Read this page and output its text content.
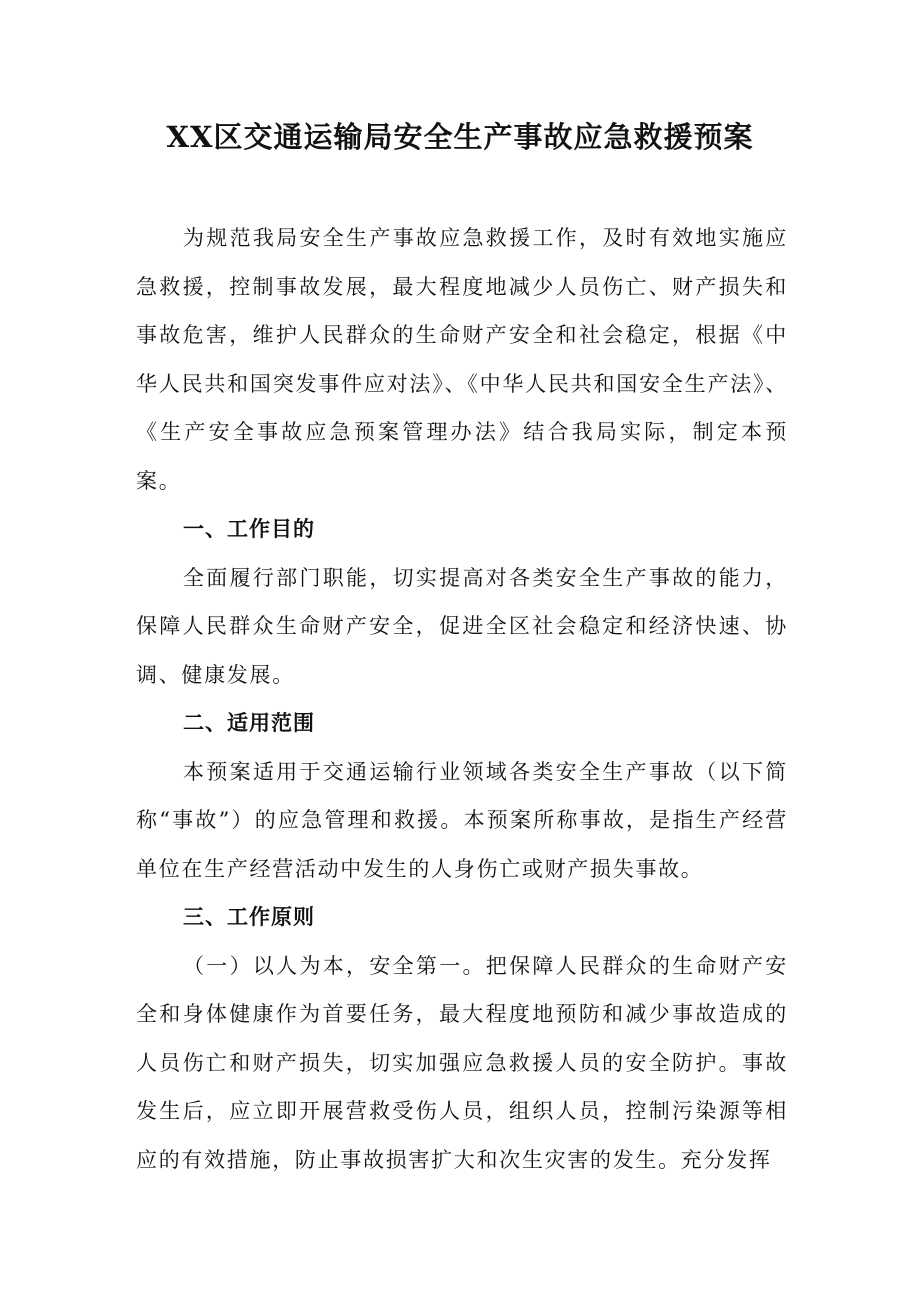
XX区交通运输局安全生产事故应急救援预案

为规范我局安全生产事故应急救援工作，及时有效地实施应急救援，控制事故发展，最大程度地减少人员伤亡、财产损失和事故危害，维护人民群众的生命财产安全和社会稳定，根据《中华人民共和国突发事件应对法》、《中华人民共和国安全生产法》、《生产安全事故应急预案管理办法》结合我局实际，制定本预案。

一、工作目的

全面履行部门职能，切实提高对各类安全生产事故的能力，保障人民群众生命财产安全，促进全区社会稳定和经济快速、协调、健康发展。

二、适用范围

本预案适用于交通运输行业领域各类安全生产事故（以下简称“事故”）的应急管理和救援。本预案所称事故，是指生产经营单位在生产经营活动中发生的人身伤亡或财产损失事故。

三、工作原则

（一）以人为本，安全第一。把保障人民群众的生命财产安全和身体健康作为首要任务，最大程度地预防和减少事故造成的人员伤亡和财产损失，切实加强应急救援人员的安全防护。事故发生后，应立即开展营救受伤人员，组织人员，控制污染源等相应的有效措施，防止事故损害扩大和次生灾害的发生。充分发挥
